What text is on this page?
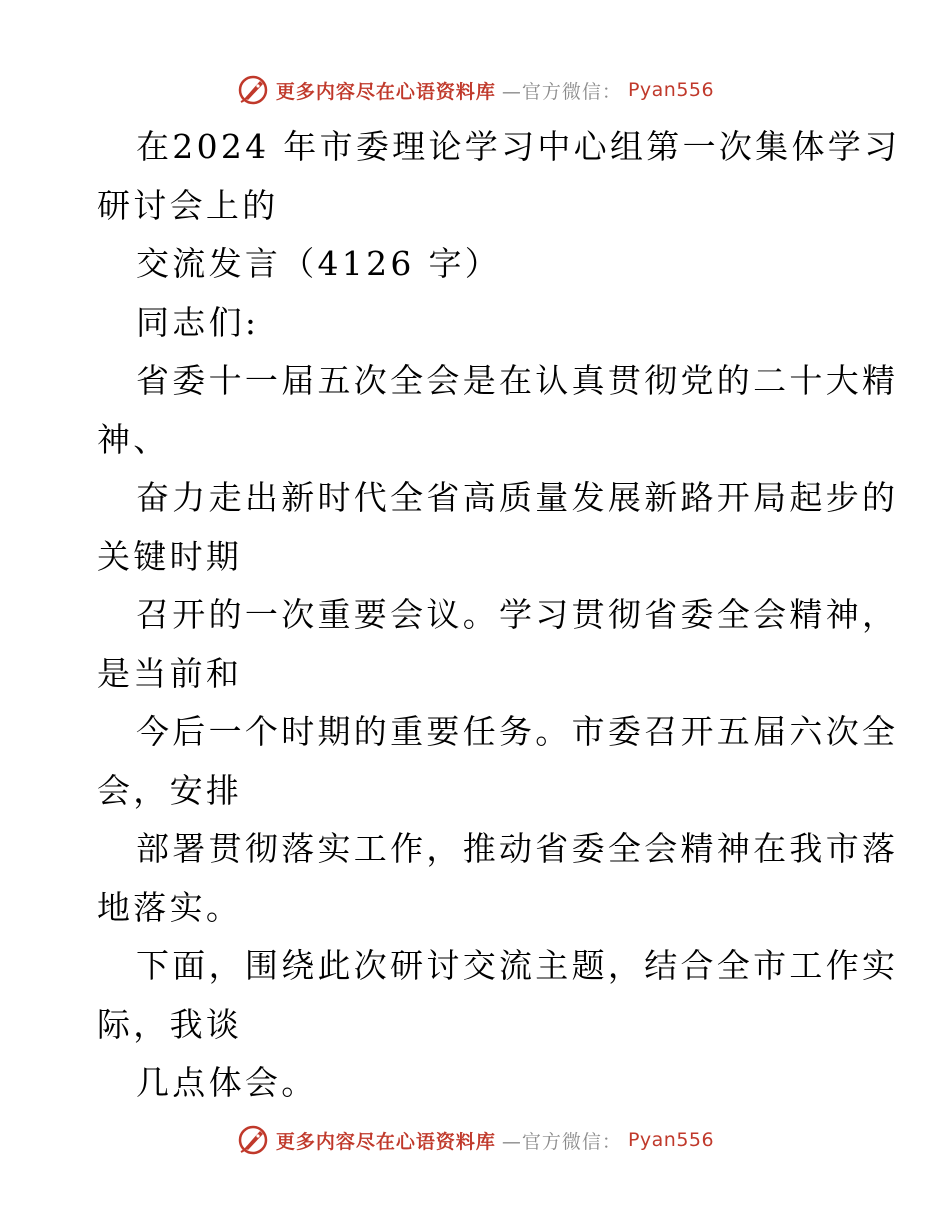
更多内容尽在心语资料库 —官方微信： Pyan556
在2024 年市委理论学习中心组第一次集体学习
研讨会上的
交流发言（4126 字）
同志们:
省委十一届五次全会是在认真贯彻党的二十大精
神、
奋力走出新时代全省高质量发展新路开局起步的
关键时期
召开的一次重要会议。学习贯彻省委全会精神，
是当前和
今后一个时期的重要任务。市委召开五届六次全
会，安排
部署贯彻落实工作，推动省委全会精神在我市落
地落实。
下面，围绕此次研讨交流主题，结合全市工作实
际，我谈
几点体会。
更多内容尽在心语资料库 —官方微信： Pyan556
